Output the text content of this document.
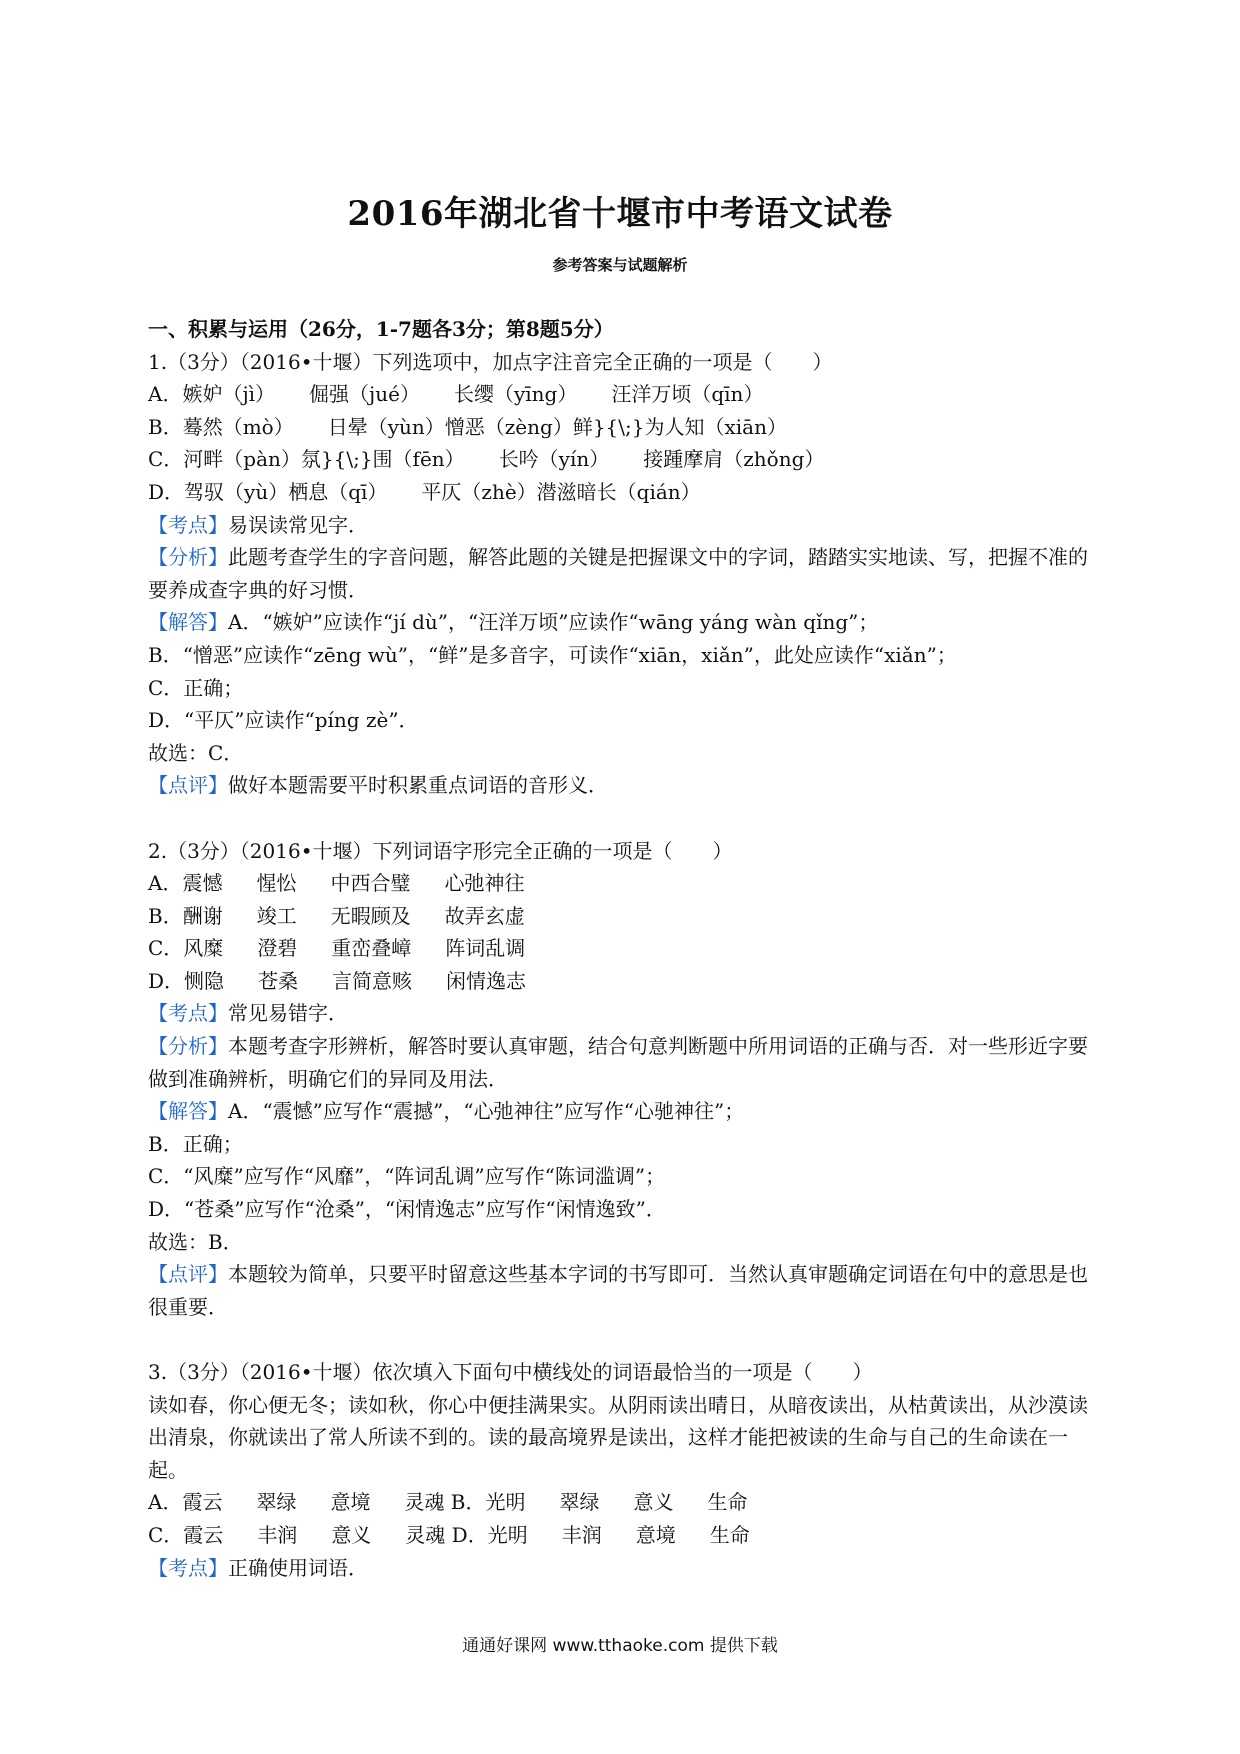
2016年湖北省十堰市中考语文试卷
参考答案与试题解析
一、积累与运用（26分，1-7题各3分；第8题5分）
1.（3分）（2016•十堰）下列选项中，加点字注音完全正确的一项是（　　）
A．嫉妒（jì） 倔强（jué） 长缨（yīng） 汪洋万顷（qīn）
B．蓦然（mò） 日晕（yùn）憎恶（zèng）鲜}{\;}为人知（xiān）
C．河畔（pàn）氛}{\;}围（fēn） 长吟（yín） 接踵摩肩（zhǒng）
D．驾驭（yù）栖息（qī） 平仄（zhè）潜滋暗长（qián）
【考点】易误读常见字．
【分析】此题考查学生的字音问题，解答此题的关键是把握课文中的字词，踏踏实实地读、写，把握不准的要养成查字典的好习惯．
【解答】A．“嫉妒”应读作“jí dù”，“汪洋万顷”应读作“wāng yáng wàn qǐng”；
B．“憎恶”应读作“zēng wù”，“鲜”是多音字，可读作“xiān，xiǎn”，此处应读作“xiǎn”；
C．正确；
D．“平仄”应读作“píng zè”．
故选：C．
【点评】做好本题需要平时积累重点词语的音形义．
2.（3分）（2016•十堰）下列词语字形完全正确的一项是（　　）
A．震憾 惺忪 中西合璧 心弛神往
B．酬谢 竣工 无暇顾及 故弄玄虚
C．风糜 澄碧 重峦叠嶂 阵词乱调
D．恻隐 苍桑 言简意赅 闲情逸志
【考点】常见易错字．
【分析】本题考查字形辨析，解答时要认真审题，结合句意判断题中所用词语的正确与否．对一些形近字要做到准确辨析，明确它们的异同及用法．
【解答】A．“震憾”应写作“震撼”，“心弛神往”应写作“心驰神往”；
B．正确；
C．“风糜”应写作“风靡”，“阵词乱调”应写作“陈词滥调”；
D．“苍桑”应写作“沧桑”，“闲情逸志”应写作“闲情逸致”．
故选：B．
【点评】本题较为简单，只要平时留意这些基本字词的书写即可．当然认真审题确定词语在句中的意思是也很重要．
3.（3分）（2016•十堰）依次填入下面句中横线处的词语最恰当的一项是（　　）
读如春，你心便无冬；读如秋，你心中便挂满果实。从阴雨读出晴日，从暗夜读出，从枯黄读出，从沙漠读出清泉，你就读出了常人所读不到的。读的最高境界是读出，这样才能把被读的生命与自己的生命读在一起。
A．霞云 翠绿 意境 灵魂 B．光明 翠绿 意义 生命
C．霞云 丰润 意义 灵魂 D．光明 丰润 意境 生命
【考点】正确使用词语．
通通好课网 www.tthaoke.com 提供下载
